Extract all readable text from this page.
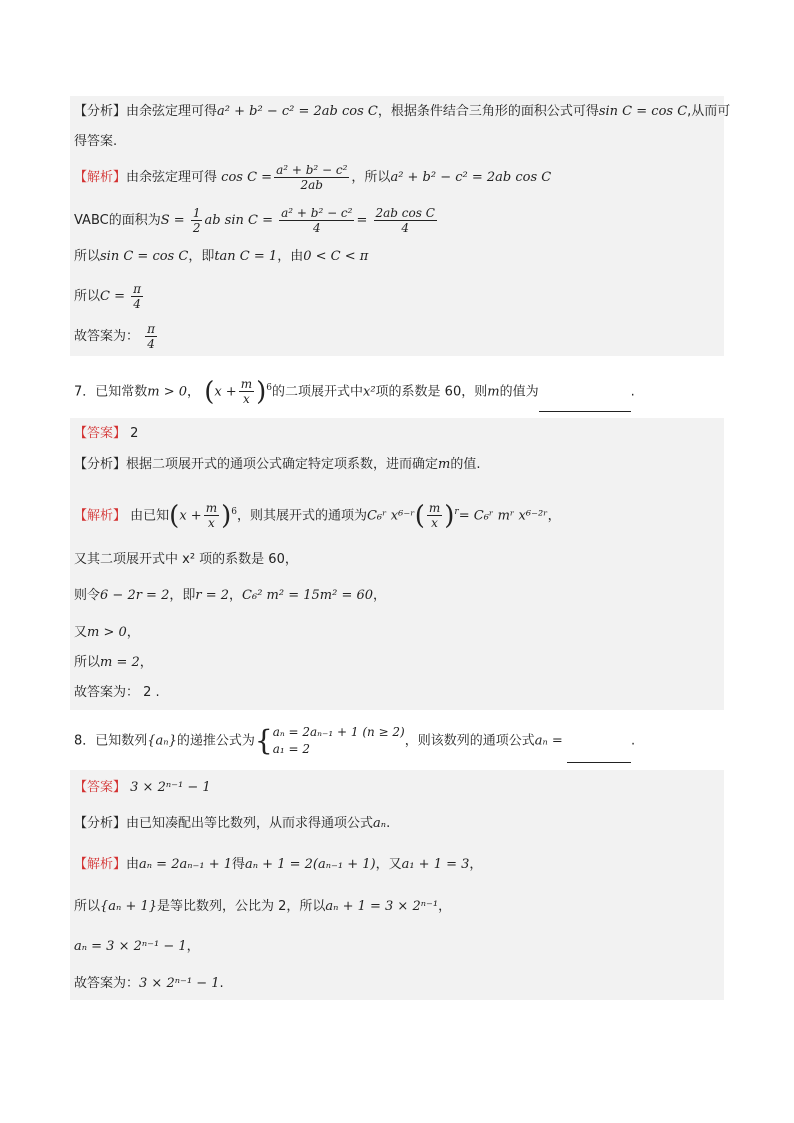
【分析】由余弦定理可得a² + b² − c² = 2ab cos C，根据条件结合三角形的面积公式可得sin C = cos C,从而可
得答案.
【解析】由余弦定理可得 $\cos C = \frac{\text{a² + b² − c²}}{2ab}$ ，所以a² + b² − c² = 2ab cos C
VABC的面积为$S = \frac{1}{2}$ ab $\sin C = \frac{\text{a² + b² − c²}}{4} = \frac{\text{2ab cos C}}{4}$
所以sin C = cos C，即tan C = 1，由0 < C < π
所以$C = \frac{\pi}{4}$
故答案为： $\frac{\pi}{4}$
7．已知常数m > 0， $(x + \frac{m}{x} )^6$的二项展开式中x²项的系数是 60，则m的值为	.
【答案】 2
【分析】根据二项展开式的通项公式确定特定项系数，进而确定m的值.
【解析】 由已知$(x + \frac{m}{x} )^6$，则其展开式的通项为C₆ʳ x⁶⁻ʳ( $\frac{m}{x} )^r=$ C₆ʳ mʳ x⁶⁻²ʳ，
又其二项展开式中 x² 项的系数是 60，
则令6 − 2r = 2，即r = 2，C₆² m² = 15m² = 60，
又m > 0，
所以m = 2，
故答案为： 2 .
8．已知数列{aₙ}的递推公式为{ aₙ = 2aₙ₋₁ + 1 (n ≥ 2)
a₁ = 2
，则该数列的通项公式aₙ =	.
【答案】 3 × 2ⁿ⁻¹ − 1
【分析】由已知凑配出等比数列，从而求得通项公式aₙ.
【解析】由aₙ = 2aₙ₋₁ + 1得aₙ + 1 = 2(aₙ₋₁ + 1)，又a₁ + 1 = 3，
所以{aₙ + 1}是等比数列，公比为 2，所以aₙ + 1 = 3 × 2ⁿ⁻¹，
aₙ = 3 × 2ⁿ⁻¹ − 1，
故答案为：3 × 2ⁿ⁻¹ − 1.
